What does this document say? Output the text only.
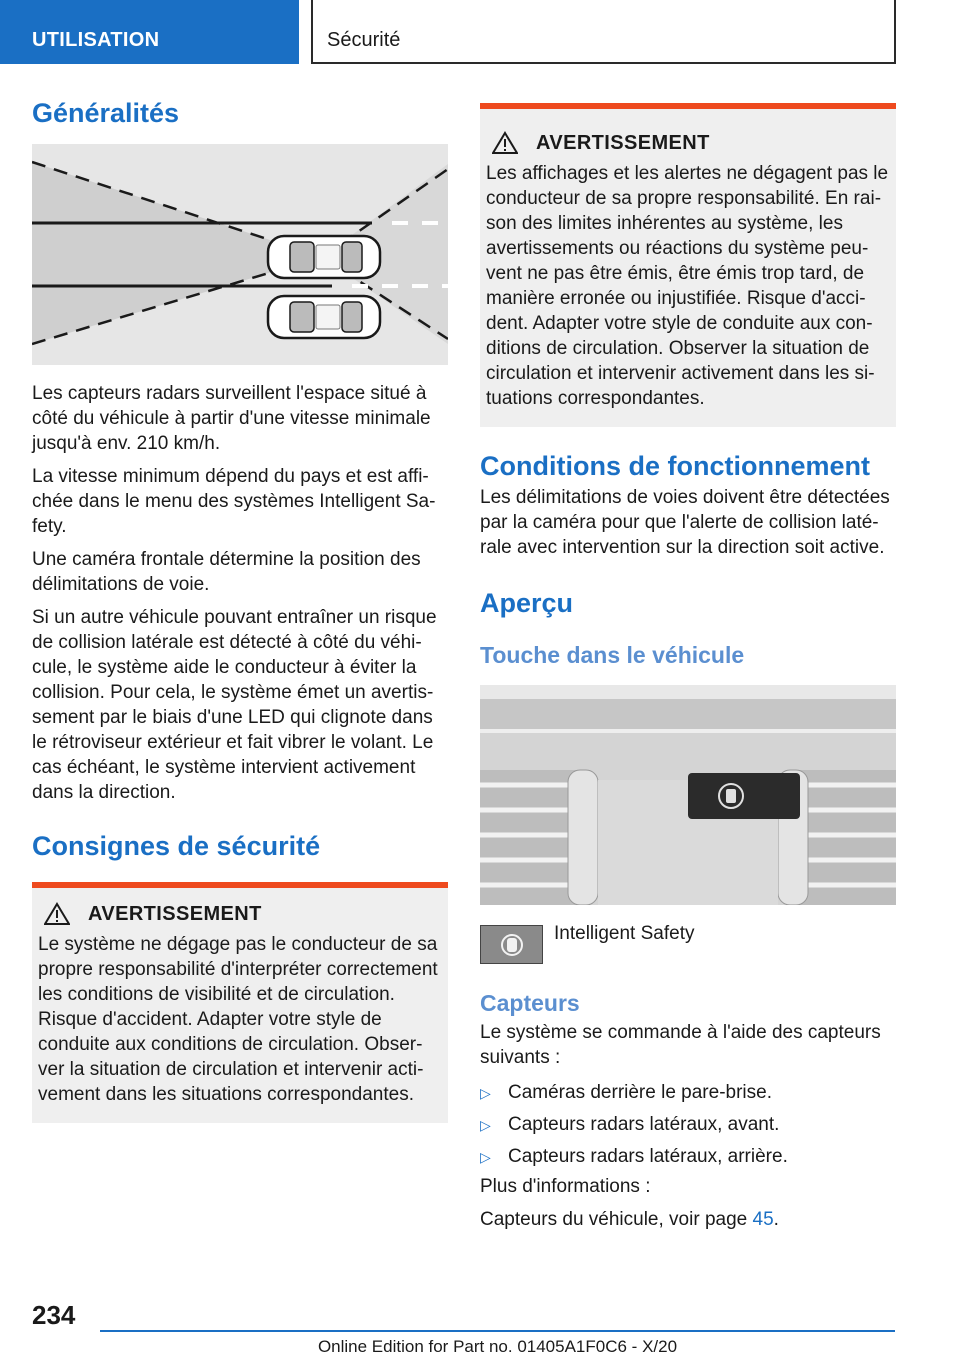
UTILISATION	Sécurité
Généralités

Les capteurs radars surveillent l'espace situé à côté du véhicule à partir d'une vitesse minimale jusqu'à env. 210 km/h.

La vitesse minimum dépend du pays et est affichée dans le menu des systèmes Intelligent Safety.

Une caméra frontale détermine la position des délimitations de voie.

Si un autre véhicule pouvant entraîner un risque de collision latérale est détecté à côté du véhicule, le système aide le conducteur à éviter la collision. Pour cela, le système émet un avertissement par le biais d'une LED qui clignote dans le rétroviseur extérieur et fait vibrer le volant. Le cas échéant, le système intervient activement dans la direction.

Consignes de sécurité
AVERTISSEMENT

Le système ne dégage pas le conducteur de sa propre responsabilité d'interpréter correctement les conditions de visibilité et de circulation. Risque d'accident. Adapter votre style de conduite aux conditions de circulation. Observer la situation de circulation et intervenir activement dans les situations correspondantes.

AVERTISSEMENT

Les affichages et les alertes ne dégagent pas le conducteur de sa propre responsabilité. En raison des limites inhérentes au système, les avertissements ou réactions du système peuvent ne pas être émis, être émis trop tard, de manière erronée ou injustifiée. Risque d'accident. Adapter votre style de conduite aux conditions de circulation. Observer la situation de circulation et intervenir activement dans les situations correspondantes.

Conditions de fonctionnement

Les délimitations de voies doivent être détectées par la caméra pour que l'alerte de collision latérale avec intervention sur la direction soit active.

Aperçu
Touche dans le véhicule
Intelligent Safety
Capteurs

Le système se commande à l'aide des capteurs suivants :

▷ Caméras derrière le pare-brise.
▷ Capteurs radars latéraux, avant.
▷ Capteurs radars latéraux, arrière.

Plus d'informations :

Capteurs du véhicule, voir page 45.

234
Online Edition for Part no. 01405A1F0C6 - X/20
